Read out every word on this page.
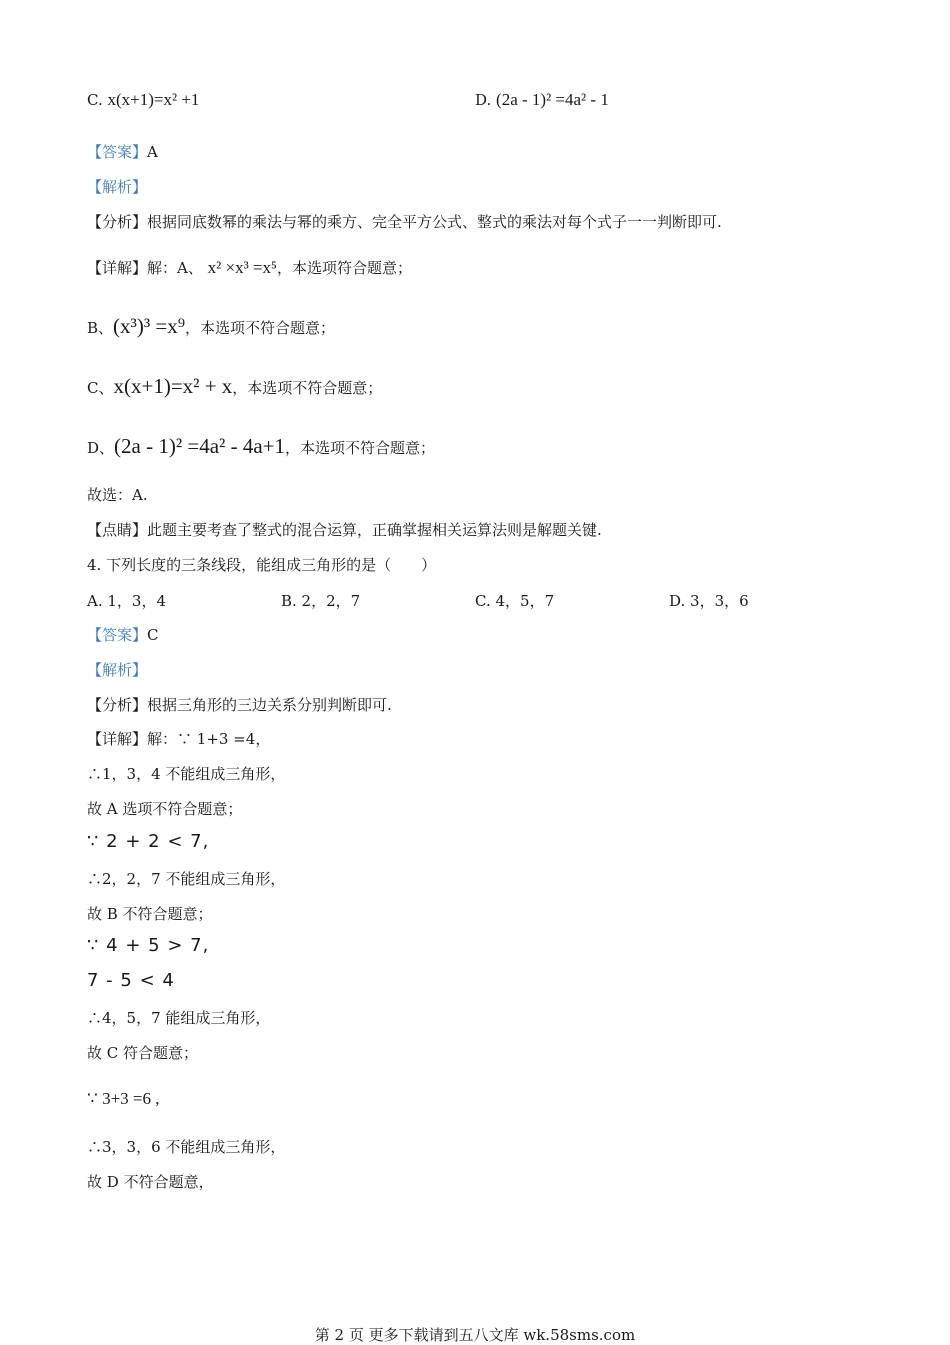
C. x(x+1)=x² +1	D. (2a - 1)² =4a² - 1
【答案】A
【解析】
【分析】根据同底数幂的乘法与幂的乘方、完全平方公式、整式的乘法对每个式子一一判断即可.
【详解】解：A、 x² ×x³ =x⁵，本选项符合题意；
B、(x³)³ =x⁹，本选项不符合题意；
C、x(x+1)=x² + x，本选项不符合题意；
D、(2a - 1)² =4a² - 4a+1，本选项不符合题意；
故选：A.
【点睛】此题主要考查了整式的混合运算，正确掌握相关运算法则是解题关键.
4. 下列长度的三条线段，能组成三角形的是（　　）
A. 1，3，4	B. 2，2，7	C. 4，5，7	D. 3，3，6
【答案】C
【解析】
【分析】根据三角形的三边关系分别判断即可.
【详解】解：∵ 1+3 =4，
∴1，3，4 不能组成三角形，
故 A 选项不符合题意；
∵ 2 + 2 < 7,
∴2，2，7 不能组成三角形，
故 B 不符合题意；
∵ 4 + 5 > 7,
7 - 5 < 4
∴4，5，7 能组成三角形，
故 C 符合题意；
∵ 3+3 =6 ,
∴3，3，6 不能组成三角形，
故 D 不符合题意，
第 2 页 更多下载请到五八文库 wk.58sms.com
